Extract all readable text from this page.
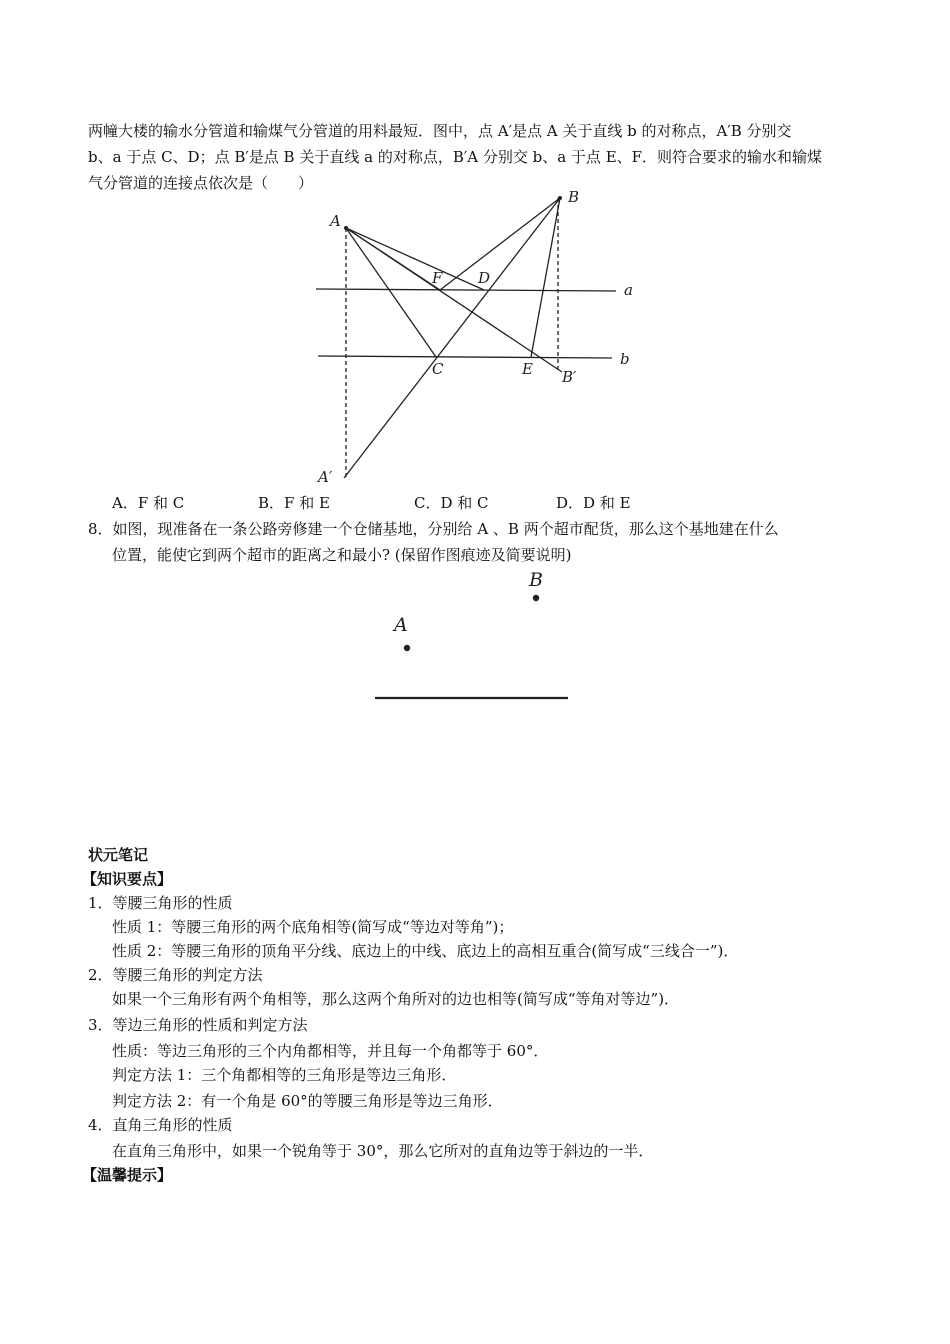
两幢大楼的输水分管道和输煤气分管道的用料最短．图中，点 A′是点 A 关于直线 b 的对称点，A′B 分别交
b、a 于点 C、D；点 B′是点 B 关于直线 a 的对称点，B′A 分别交 b、a 于点 E、F．则符合要求的输水和输煤
气分管道的连接点依次是（　　）
A
B
F D
a
b
C	E B′
A′
A．F 和 C	B．F 和 E	C．D 和 C	D．D 和 E
8．如图，现准备在一条公路旁修建一个仓储基地，分别给 A 、B 两个超市配货，那么这个基地建在什么
位置，能使它到两个超市的距离之和最小? (保留作图痕迹及简要说明)
B
A
状元笔记
【知识要点】
1．等腰三角形的性质
性质 1：等腰三角形的两个底角相等(简写成“等边对等角”)；
性质 2：等腰三角形的顶角平分线、底边上的中线、底边上的高相互重合(简写成“三线合一”)．
2．等腰三角形的判定方法
如果一个三角形有两个角相等，那么这两个角所对的边也相等(简写成“等角对等边”)．
3．等边三角形的性质和判定方法
性质：等边三角形的三个内角都相等，并且每一个角都等于 60°．
判定方法 1：三个角都相等的三角形是等边三角形．
判定方法 2：有一个角是 60°的等腰三角形是等边三角形．
4．直角三角形的性质
在直角三角形中，如果一个锐角等于 30°，那么它所对的直角边等于斜边的一半．
【温馨提示】
